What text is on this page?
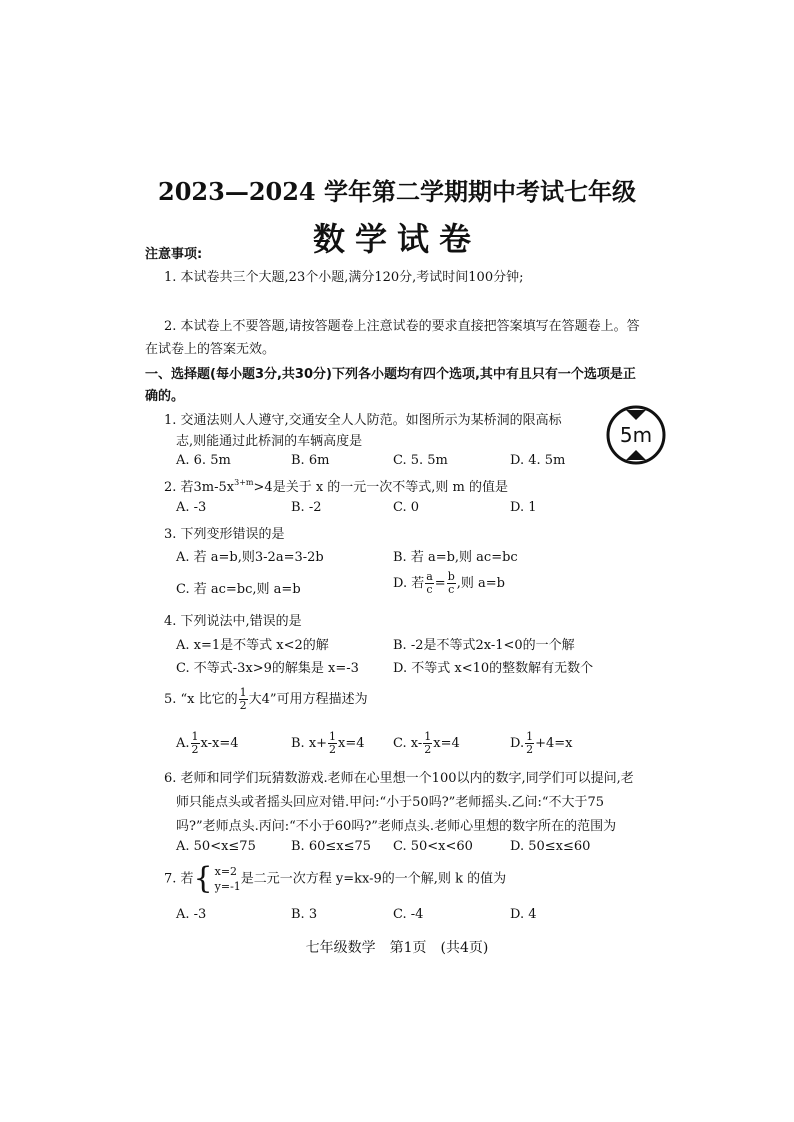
2023—2024 学年第二学期期中考试七年级
数学试卷
注意事项:
1. 本试卷共三个大题,23个小题,满分120分,考试时间100分钟;
2. 本试卷上不要答题,请按答题卷上注意试卷的要求直接把答案填写在答题卷上。答
在试卷上的答案无效。
一、选择题(每小题3分,共30分)下列各小题均有四个选项,其中有且只有一个选项是正
确的。
1. 交通法则人人遵守,交通安全人人防范。如图所示为某桥洞的限高标
志,则能通过此桥洞的车辆高度是
A. 6. 5m	B. 6m	C. 5. 5m	D. 4. 5m
5m
2. 若$3m-5x^{3+m}>4$是关于 x 的一元一次不等式,则 m 的值是
A. -3	B. -2	C. 0	D. 1
3. 下列变形错误的是
A. 若 a=b,则3-2a=3-2b	B. 若 a=b,则 ac=bc
C. 若 ac=bc,则 a=b	D. 若 $\frac{a}{c} = \frac{b}{c}$ ,则 a=b
4. 下列说法中,错误的是
A. x=1是不等式 x<2的解	B. -2是不等式2x-1<0的一个解
C. 不等式-3x>9的解集是 x=-3	D. 不等式 x<10的整数解有无数个
5. “x 比它的 $\frac{1}{2}$ 大4”可用方程描述为
A. $\frac{1}{2} x-x=4$	B. $x+ \frac{1}{2} x=4$ C. $x- \frac{1}{2} x=4$	D. $\frac{1}{2} +4=x$
6. 老师和同学们玩猜数游戏.老师在心里想一个100以内的数字,同学们可以提问,老
师只能点头或者摇头回应对错.甲问:“小于50吗?”老师摇头.乙问:“不大于75
吗?”老师点头.丙问:“不小于60吗?”老师点头.老师心里想的数字所在的范围为
A. 50<x≤75	B. 60≤x≤75 C. 50<x<60	D. 50≤x≤60
7. 若 { x=2
y=-1 是二元一次方程 y=kx-9的一个解,则 k 的值为
A. -3	B. 3	C. -4	D. 4
七年级数学　第1页　(共4页)
